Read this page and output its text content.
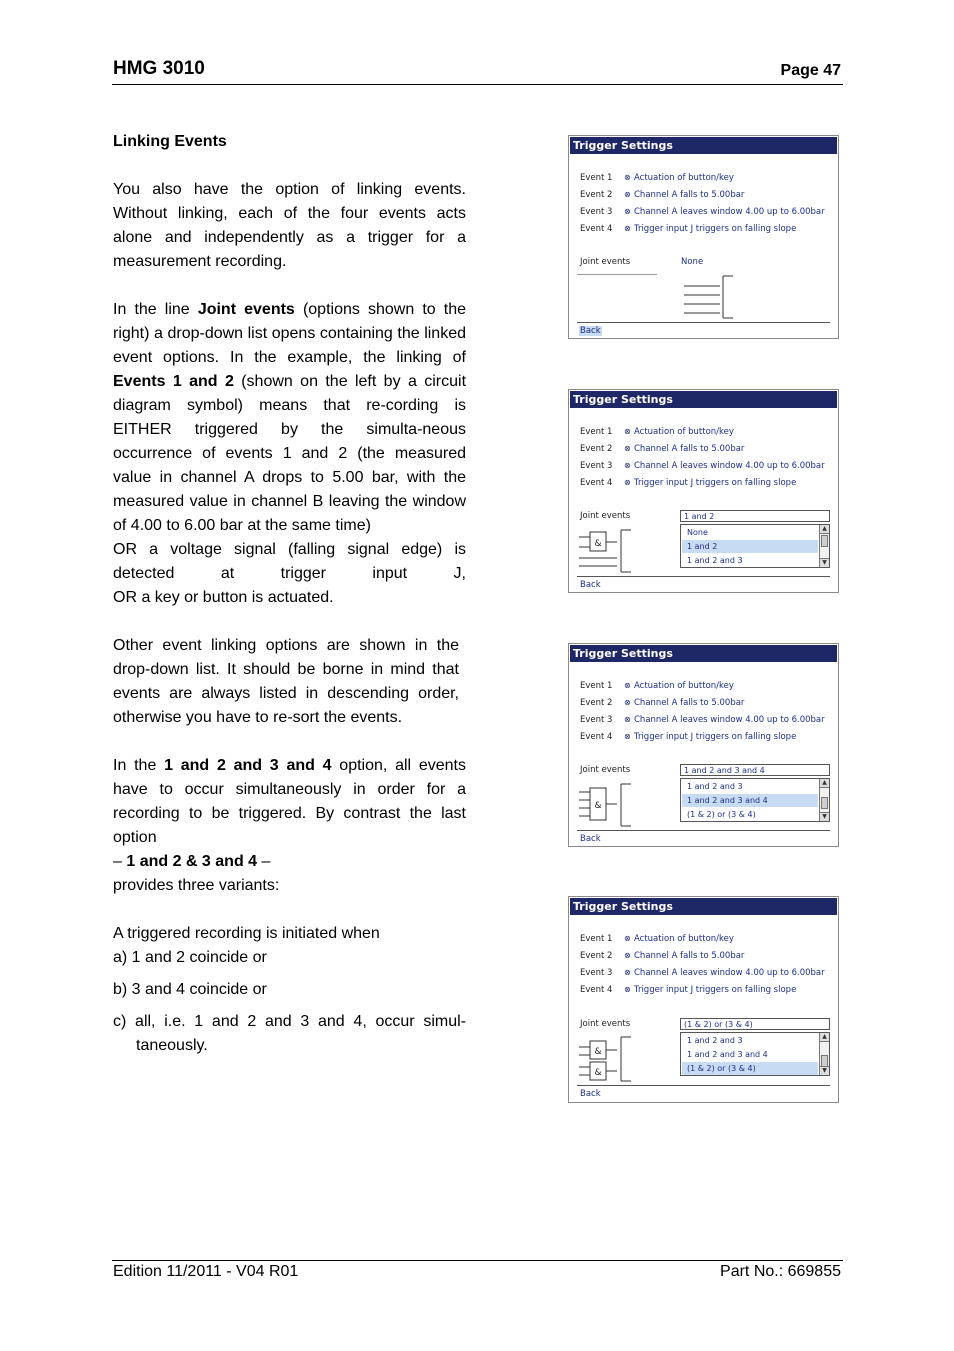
HMG 3010	Page 47

Linking Events

You also have the option of linking events. Without linking, each of the four events acts alone and independently as a trigger for a measurement recording.

In the line Joint events (options shown to the right) a drop-down list opens containing the linked event options. In the example, the linking of Events 1 and 2 (shown on the left by a circuit diagram symbol) means that re-cording is EITHER triggered by the simulta-neous occurrence of events 1 and 2 (the measured value in channel A drops to 5.00 bar, with the measured value in channel B leaving the window of 4.00 to 6.00 bar at the same time)

OR a voltage signal (falling signal edge) is detected at trigger input J,

OR a key or button is actuated.

Other event linking options are shown in the drop-down list. It should be borne in mind that events are always listed in descending order, otherwise you have to re-sort the events.

In the 1 and 2 and 3 and 4 option, all events have to occur simultaneously in order for a recording to be triggered. By contrast the last option

– 1 and 2 & 3 and 4 –

provides three variants:

A triggered recording is initiated when

a) 1 and 2 coincide or

b) 3 and 4 coincide or

c) all, i.e. 1 and 2 and 3 and 4, occur simul-taneously.

Trigger Settings
Event 1 ⊗ Actuation of button/key
Event 2 ⊗ Channel A falls to 5.00bar
Event 3 ⊗ Channel A leaves window 4.00 up to 6.00bar
Event 4 ⊗ Trigger input J triggers on falling slope
Joint events	None
Back
Trigger Settings
Event 1 ⊗ Actuation of button/key
Event 2 ⊗ Channel A falls to 5.00bar
Event 3 ⊗ Channel A leaves window 4.00 up to 6.00bar
Event 4 ⊗ Trigger input J triggers on falling slope
Joint events	1 and 2
None
1 and 2
1 and 2 and 3
▲
▼
&
Back
Trigger Settings
Event 1 ⊗ Actuation of button/key
Event 2 ⊗ Channel A falls to 5.00bar
Event 3 ⊗ Channel A leaves window 4.00 up to 6.00bar
Event 4 ⊗ Trigger input J triggers on falling slope
Joint events	1 and 2 and 3 and 4
1 and 2 and 3
1 and 2 and 3 and 4
(1 & 2) or (3 & 4)
▲
▼
&
Back
Trigger Settings
Event 1 ⊗ Actuation of button/key
Event 2 ⊗ Channel A falls to 5.00bar
Event 3 ⊗ Channel A leaves window 4.00 up to 6.00bar
Event 4 ⊗ Trigger input J triggers on falling slope
Joint events	(1 & 2) or (3 & 4)
1 and 2 and 3
1 and 2 and 3 and 4
(1 & 2) or (3 & 4)
▲
▼
&
&
Back
Edition 11/2011 - V04 R01	Part No.: 669855
